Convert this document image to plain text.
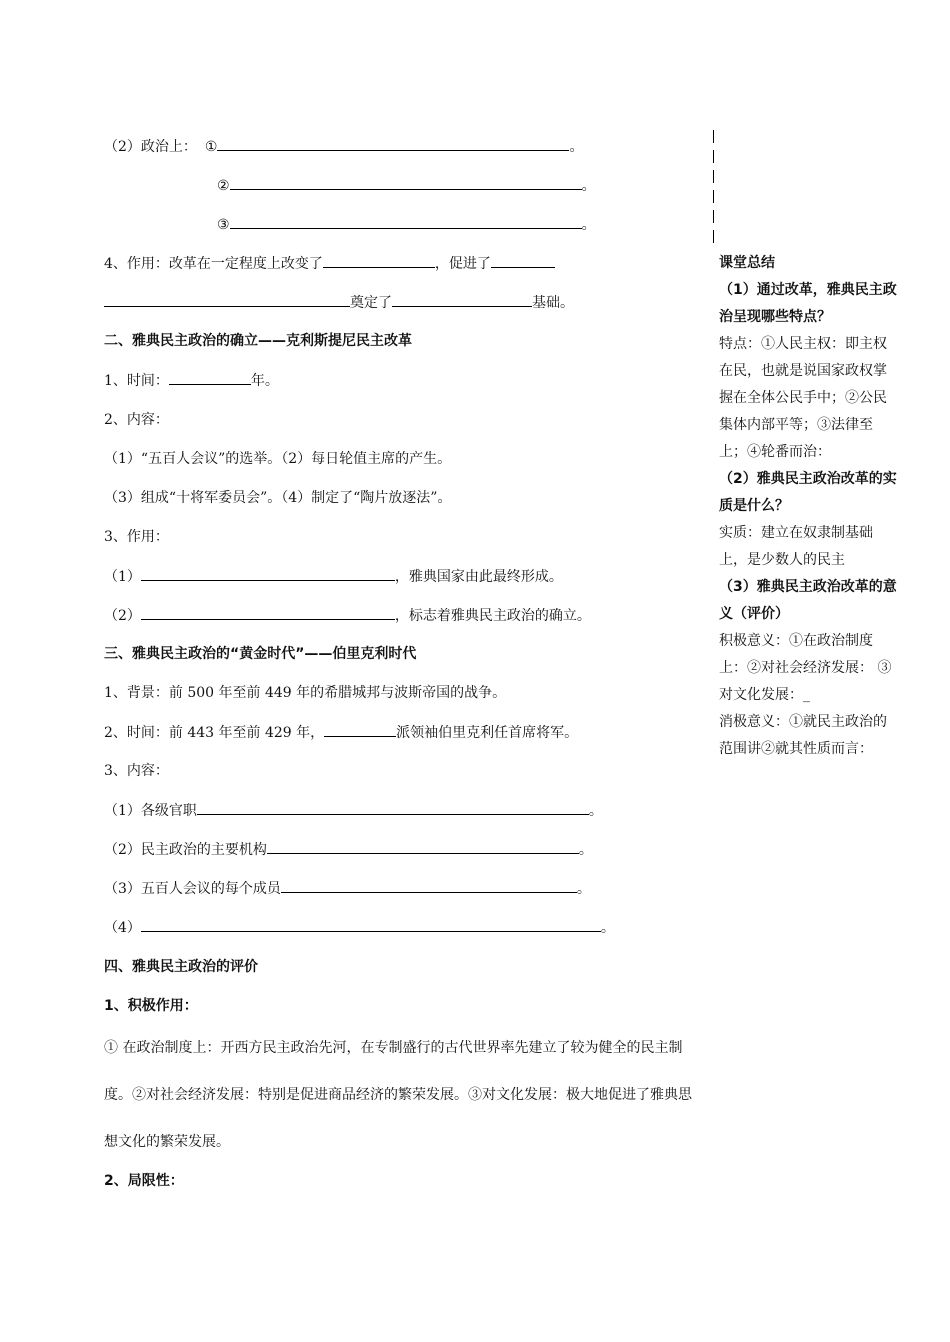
（2）政治上： ①	。
②	。
③	。
4、作用：改革在一定程度上改变了	，促进了
奠定了	基础。
二、雅典民主政治的确立——克利斯提尼民主改革
1、时间：	年。
2、内容：
（1）“五百人会议”的选举。（2）每日轮值主席的产生。
（3）组成“十将军委员会”。（4）制定了“陶片放逐法”。
3、作用：
（1）	，雅典国家由此最终形成。
（2）	，标志着雅典民主政治的确立。
三、雅典民主政治的“黄金时代”——伯里克利时代
1、背景：前 500 年至前 449 年的希腊城邦与波斯帝国的战争。
2、时间：前 443 年至前 429 年，	派领袖伯里克利任首席将军。
3、内容：
（1）各级官职	。
（2）民主政治的主要机构	。
（3）五百人会议的每个成员	。
（4）	。
四、雅典民主政治的评价
1、积极作用：
① 在政治制度上：开西方民主政治先河，在专制盛行的古代世界率先建立了较为健全的民主制度。②对社会经济发展：特别是促进商品经济的繁荣发展。③对文化发展：极大地促进了雅典思想文化的繁荣发展。
2、局限性：

课堂总结

（1）通过改革，雅典民主政治呈现哪些特点？

特点：①人民主权：即主权在民，也就是说国家政权掌握在全体公民手中；②公民集体内部平等；③法律至上；④轮番而治：

（2）雅典民主政治改革的实质是什么？

实质：建立在奴隶制基础上，是少数人的民主

（3）雅典民主政治改革的意义（评价）

积极意义：①在政治制度上：②对社会经济发展： ③对文化发展：_

消极意义：①就民主政治的范围讲②就其性质而言：
